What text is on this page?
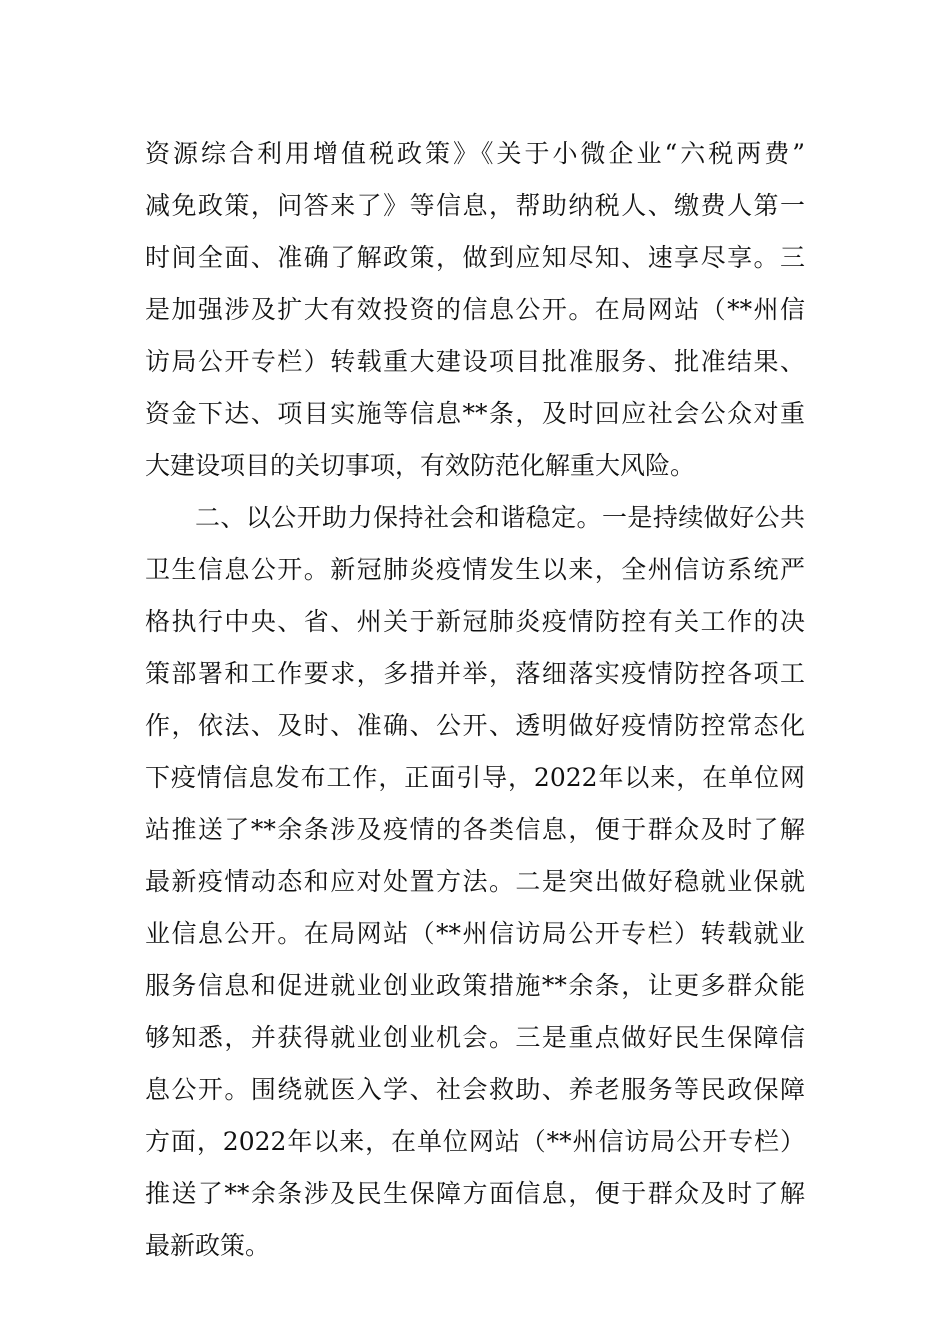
资源综合利用增值税政策》《关于小微企业“六税两费”
减免政策，问答来了》等信息，帮助纳税人、缴费人第一
时间全面、准确了解政策，做到应知尽知、速享尽享。三
是加强涉及扩大有效投资的信息公开。在局网站（**州信
访局公开专栏）转载重大建设项目批准服务、批准结果、
资金下达、项目实施等信息**条，及时回应社会公众对重
大建设项目的关切事项，有效防范化解重大风险。
二、以公开助力保持社会和谐稳定。一是持续做好公共
卫生信息公开。新冠肺炎疫情发生以来，全州信访系统严
格执行中央、省、州关于新冠肺炎疫情防控有关工作的决
策部署和工作要求，多措并举，落细落实疫情防控各项工
作，依法、及时、准确、公开、透明做好疫情防控常态化
下疫情信息发布工作，正面引导，2022年以来，在单位网
站推送了**余条涉及疫情的各类信息，便于群众及时了解
最新疫情动态和应对处置方法。二是突出做好稳就业保就
业信息公开。在局网站（**州信访局公开专栏）转载就业
服务信息和促进就业创业政策措施**余条，让更多群众能
够知悉，并获得就业创业机会。三是重点做好民生保障信
息公开。围绕就医入学、社会救助、养老服务等民政保障
方面，2022年以来，在单位网站（**州信访局公开专栏）
推送了**余条涉及民生保障方面信息，便于群众及时了解
最新政策。
